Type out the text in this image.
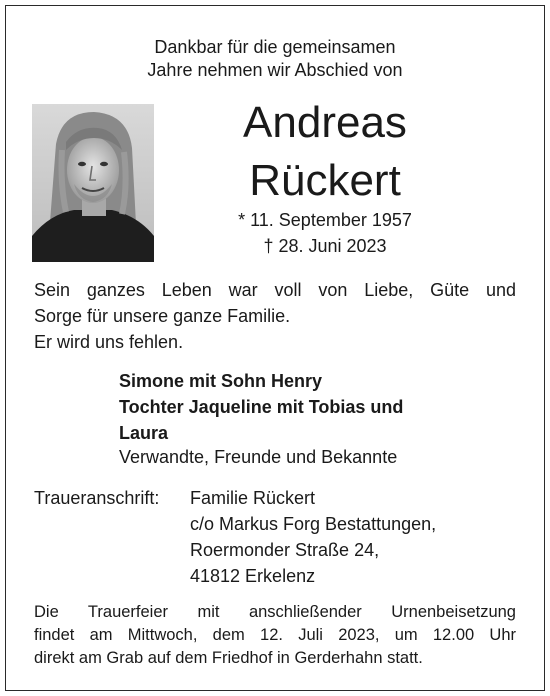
Dankbar für die gemeinsamen
Jahre nehmen wir Abschied von
Andreas
Rückert
* 11. September 1957
† 28. Juni 2023
Sein ganzes Leben war voll von Liebe, Güte und
Sorge für unsere ganze Familie.
Er wird uns fehlen.
Simone mit Sohn Henry
Tochter Jaqueline mit Tobias und
Laura
Verwandte, Freunde und Bekannte
Traueranschrift: Familie Rückert
c/o Markus Forg Bestattungen,
Roermonder Straße 24,
41812 Erkelenz
Die Trauerfeier mit anschließender Urnenbeisetzung
findet am Mittwoch, dem 12. Juli 2023, um 12.00 Uhr
direkt am Grab auf dem Friedhof in Gerderhahn statt.
